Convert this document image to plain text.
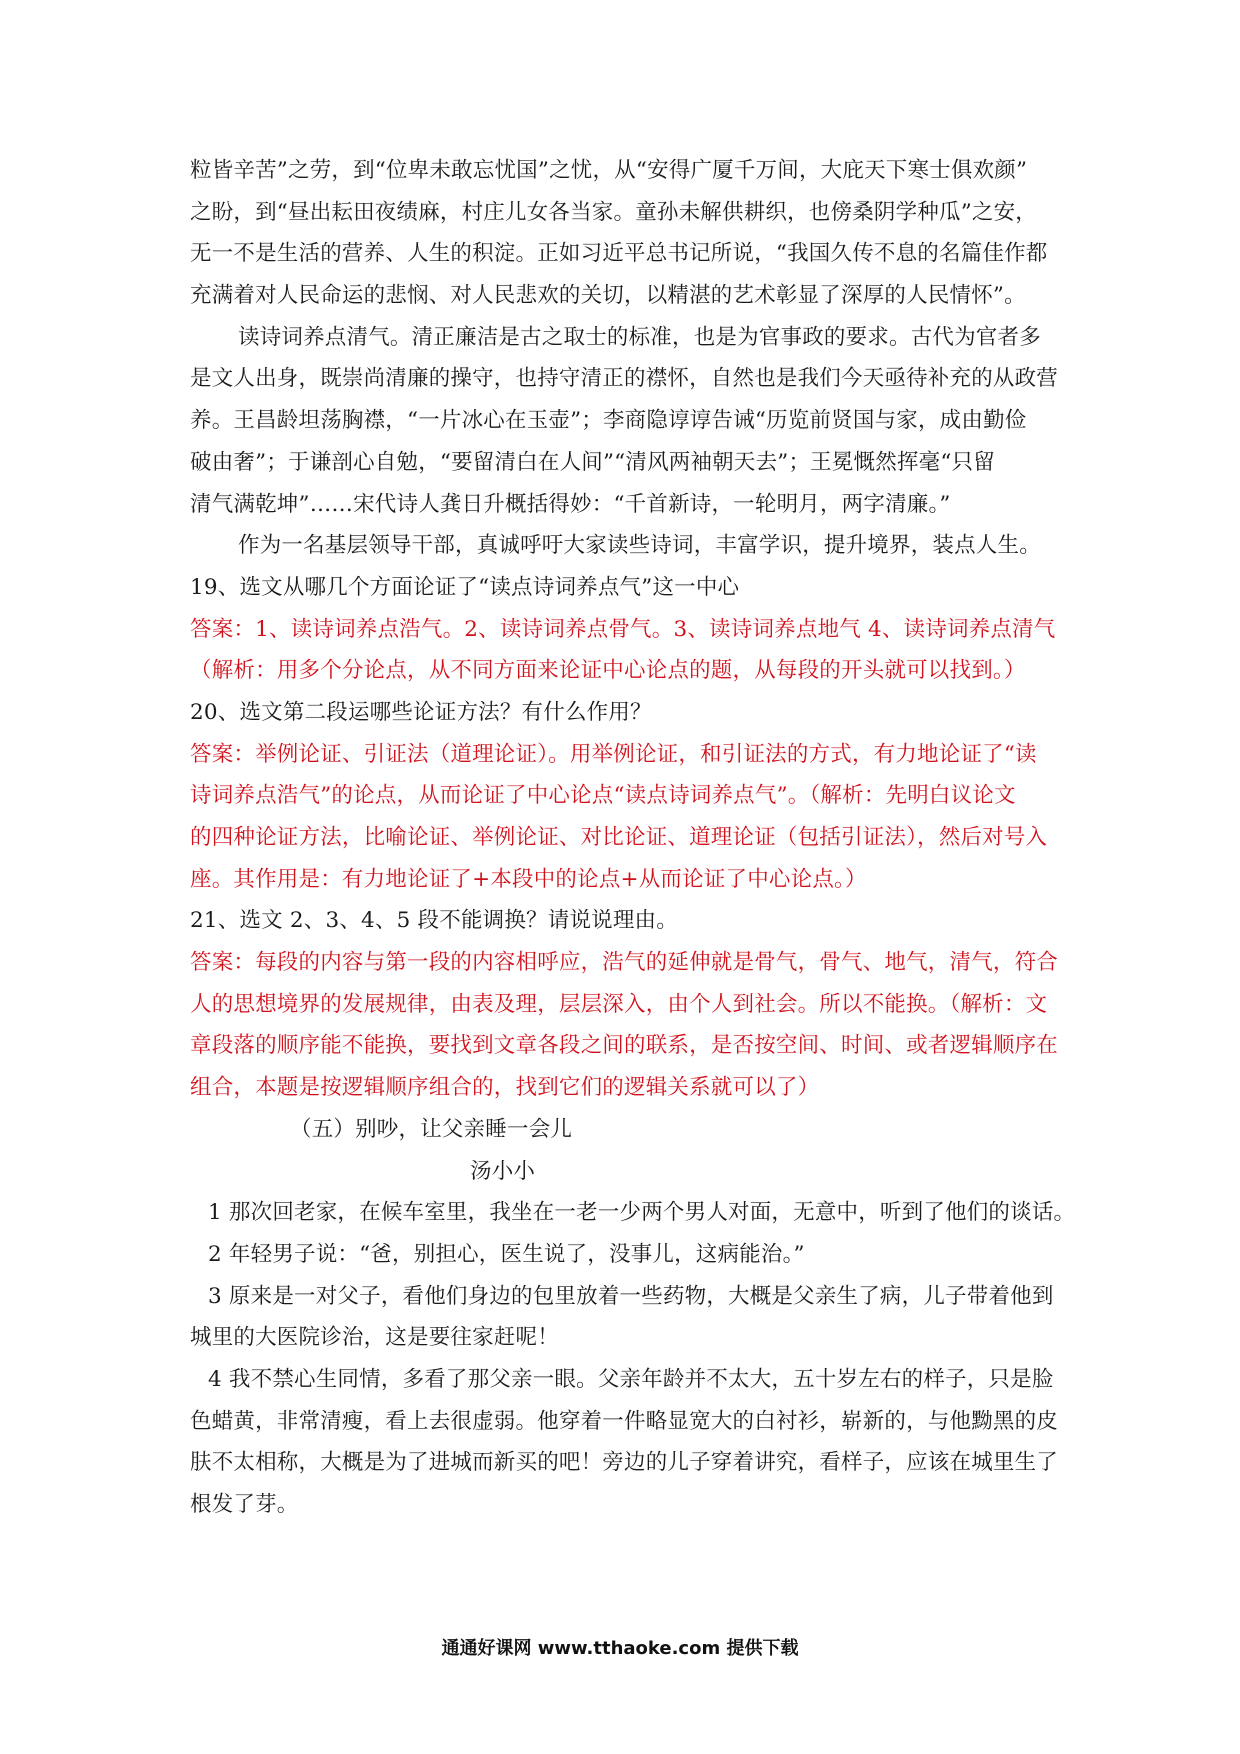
粒皆辛苦”之劳，到“位卑未敢忘忧国”之忧，从“安得广厦千万间，大庇天下寒士俱欢颜”
之盼，到“昼出耘田夜绩麻，村庄儿女各当家。童孙未解供耕织，也傍桑阴学种瓜”之安，
无一不是生活的营养、人生的积淀。正如习近平总书记所说，“我国久传不息的名篇佳作都
充满着对人民命运的悲悯、对人民悲欢的关切，以精湛的艺术彰显了深厚的人民情怀”。
读诗词养点清气。清正廉洁是古之取士的标准，也是为官事政的要求。古代为官者多
是文人出身，既崇尚清廉的操守，也持守清正的襟怀，自然也是我们今天亟待补充的从政营
养。王昌龄坦荡胸襟，“一片冰心在玉壶”；李商隐谆谆告诫“历览前贤国与家，成由勤俭
破由奢”；于谦剖心自勉，“要留清白在人间”“清风两袖朝天去”；王冕慨然挥毫“只留
清气满乾坤”……宋代诗人龚日升概括得妙：“千首新诗，一轮明月，两字清廉。”
作为一名基层领导干部，真诚呼吁大家读些诗词，丰富学识，提升境界，装点人生。
19、选文从哪几个方面论证了“读点诗词养点气”这一中心
答案：1、读诗词养点浩气。2、读诗词养点骨气。3、读诗词养点地气 4、读诗词养点清气
（解析：用多个分论点，从不同方面来论证中心论点的题，从每段的开头就可以找到。）
20、选文第二段运哪些论证方法？有什么作用？
答案：举例论证、引证法（道理论证）。用举例论证，和引证法的方式，有力地论证了“读
诗词养点浩气”的论点，从而论证了中心论点“读点诗词养点气”。（解析：先明白议论文
的四种论证方法，比喻论证、举例论证、对比论证、道理论证（包括引证法），然后对号入
座。其作用是：有力地论证了+本段中的论点+从而论证了中心论点。）
21、选文 2、3、4、5 段不能调换？请说说理由。
答案：每段的内容与第一段的内容相呼应，浩气的延伸就是骨气，骨气、地气，清气，符合
人的思想境界的发展规律，由表及理，层层深入，由个人到社会。所以不能换。（解析：文
章段落的顺序能不能换，要找到文章各段之间的联系，是否按空间、时间、或者逻辑顺序在
组合，本题是按逻辑顺序组合的，找到它们的逻辑关系就可以了）
（五）别吵，让父亲睡一会儿
汤小小
1 那次回老家，在候车室里，我坐在一老一少两个男人对面，无意中，听到了他们的谈话。
2 年轻男子说：“爸，别担心，医生说了，没事儿，这病能治。”
3 原来是一对父子，看他们身边的包里放着一些药物，大概是父亲生了病，儿子带着他到
城里的大医院诊治，这是要往家赶呢！
4 我不禁心生同情，多看了那父亲一眼。父亲年龄并不太大，五十岁左右的样子，只是脸
色蜡黄，非常清瘦，看上去很虚弱。他穿着一件略显宽大的白衬衫，崭新的，与他黝黑的皮
肤不太相称，大概是为了进城而新买的吧！旁边的儿子穿着讲究，看样子，应该在城里生了
根发了芽。
通通好课网 www.tthaoke.com 提供下载
